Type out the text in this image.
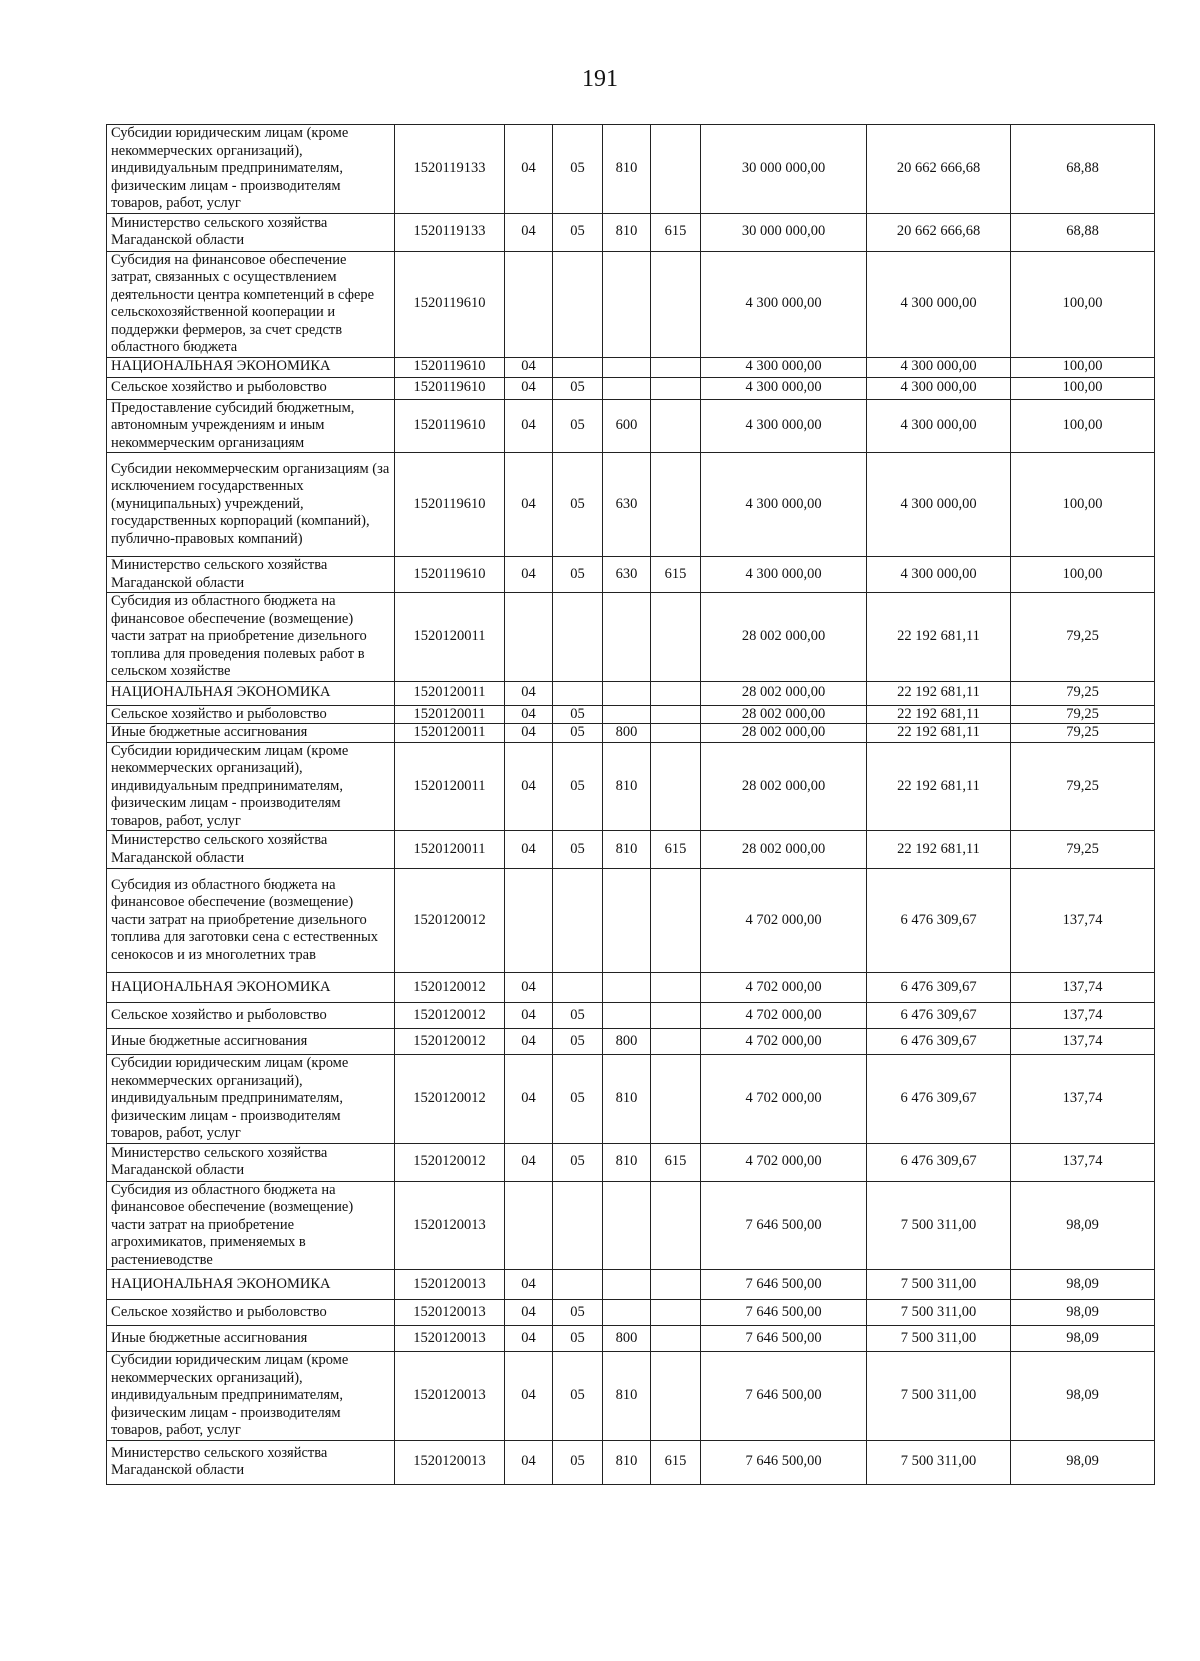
191
Субсидии юридическим лицам (кроме некоммерческих организаций), индивидуальным предпринимателям, физическим лицам - производителям товаров, работ, услуг	1520119133	04	05	810		30 000 000,00	20 662 666,68	68,88
Министерство сельского хозяйства Магаданской области	1520119133	04	05	810	615	30 000 000,00	20 662 666,68	68,88
Субсидия на финансовое обеспечение затрат, связанных с осуществлением деятельности центра компетенций в сфере сельскохозяйственной кооперации и поддержки фермеров, за счет средств областного бюджета	1520119610					4 300 000,00	4 300 000,00	100,00
НАЦИОНАЛЬНАЯ ЭКОНОМИКА	1520119610	04				4 300 000,00	4 300 000,00	100,00
Сельское хозяйство и рыболовство	1520119610	04	05			4 300 000,00	4 300 000,00	100,00
Предоставление субсидий бюджетным, автономным учреждениям и иным некоммерческим организациям	1520119610	04	05	600		4 300 000,00	4 300 000,00	100,00
Субсидии некоммерческим организациям (за исключением государственных (муниципальных) учреждений, государственных корпораций (компаний), публично-правовых компаний)	1520119610	04	05	630		4 300 000,00	4 300 000,00	100,00
Министерство сельского хозяйства Магаданской области	1520119610	04	05	630	615	4 300 000,00	4 300 000,00	100,00
Субсидия из областного бюджета на финансовое обеспечение (возмещение) части затрат на приобретение дизельного топлива для проведения полевых работ в сельском хозяйстве	1520120011					28 002 000,00	22 192 681,11	79,25
НАЦИОНАЛЬНАЯ ЭКОНОМИКА	1520120011	04				28 002 000,00	22 192 681,11	79,25
Сельское хозяйство и рыболовство	1520120011	04	05			28 002 000,00	22 192 681,11	79,25
Иные бюджетные ассигнования	1520120011	04	05	800		28 002 000,00	22 192 681,11	79,25
Субсидии юридическим лицам (кроме некоммерческих организаций), индивидуальным предпринимателям, физическим лицам - производителям товаров, работ, услуг	1520120011	04	05	810		28 002 000,00	22 192 681,11	79,25
Министерство сельского хозяйства Магаданской области	1520120011	04	05	810	615	28 002 000,00	22 192 681,11	79,25
Субсидия из областного бюджета на финансовое обеспечение (возмещение) части затрат на приобретение дизельного топлива для заготовки сена с естественных сенокосов и из многолетних трав	1520120012					4 702 000,00	6 476 309,67	137,74
НАЦИОНАЛЬНАЯ ЭКОНОМИКА	1520120012	04				4 702 000,00	6 476 309,67	137,74
Сельское хозяйство и рыболовство	1520120012	04	05			4 702 000,00	6 476 309,67	137,74
Иные бюджетные ассигнования	1520120012	04	05	800		4 702 000,00	6 476 309,67	137,74
Субсидии юридическим лицам (кроме некоммерческих организаций), индивидуальным предпринимателям, физическим лицам - производителям товаров, работ, услуг	1520120012	04	05	810		4 702 000,00	6 476 309,67	137,74
Министерство сельского хозяйства Магаданской области	1520120012	04	05	810	615	4 702 000,00	6 476 309,67	137,74
Субсидия из областного бюджета на финансовое обеспечение (возмещение) части затрат на приобретение агрохимикатов, применяемых в растениеводстве	1520120013					7 646 500,00	7 500 311,00	98,09
НАЦИОНАЛЬНАЯ ЭКОНОМИКА	1520120013	04				7 646 500,00	7 500 311,00	98,09
Сельское хозяйство и рыболовство	1520120013	04	05			7 646 500,00	7 500 311,00	98,09
Иные бюджетные ассигнования	1520120013	04	05	800		7 646 500,00	7 500 311,00	98,09
Субсидии юридическим лицам (кроме некоммерческих организаций), индивидуальным предпринимателям, физическим лицам - производителям товаров, работ, услуг	1520120013	04	05	810		7 646 500,00	7 500 311,00	98,09
Министерство сельского хозяйства Магаданской области	1520120013	04	05	810	615	7 646 500,00	7 500 311,00	98,09
